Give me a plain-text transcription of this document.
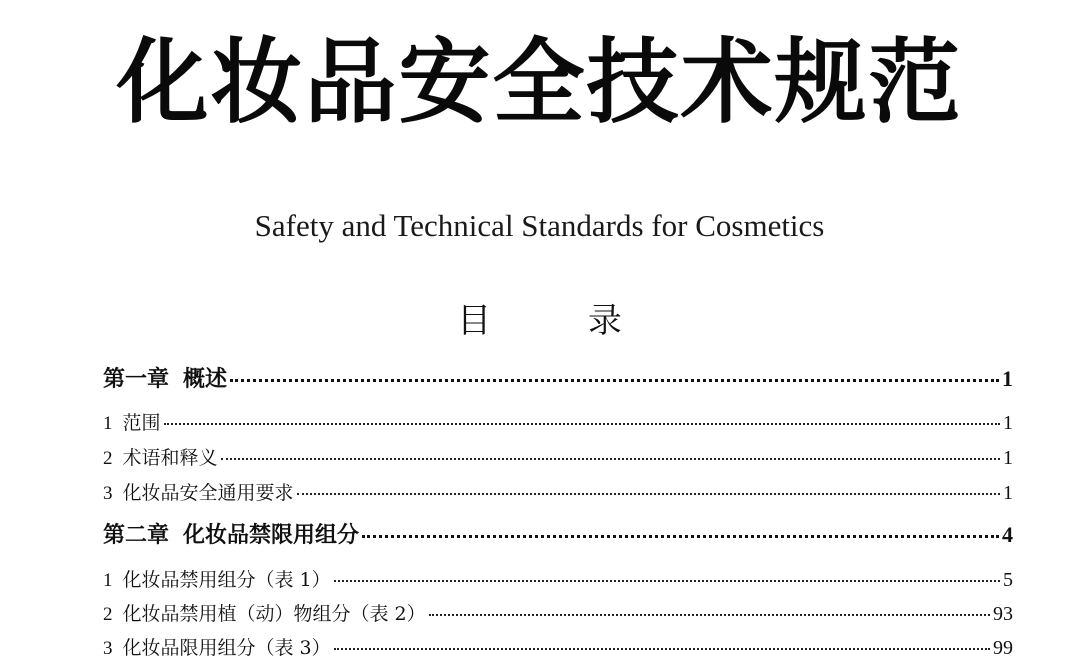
化妆品安全技术规范
Safety and Technical Standards for Cosmetics
目 录
第一章 概述	1
1 范围	1
2 术语和释义	1
3 化妆品安全通用要求	1
第二章 化妆品禁限用组分	4
1 化妆品禁用组分（表 1）	5
2 化妆品禁用植（动）物组分（表 2）	93
3 化妆品限用组分（表 3）	99
